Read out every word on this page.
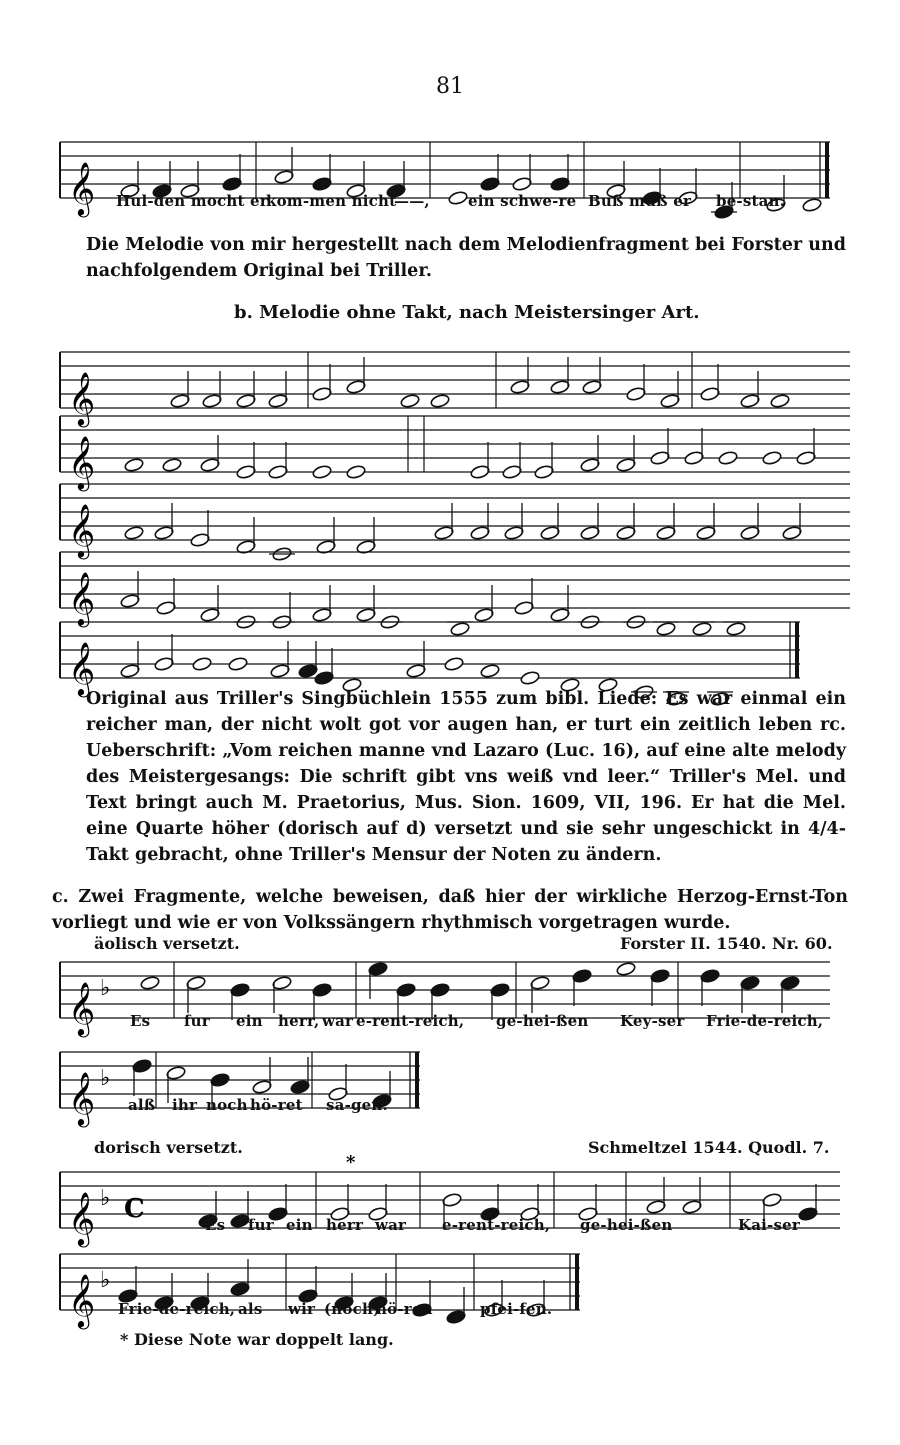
81
𝄞 Hul-den mocht er
kom-men nicht
——,	ein schwe-re Buß muß er be-stan.
Die Melodie von mir hergestellt nach dem Melodienfragment bei Forster und nachfolgendem Original bei Triller.
b. Melodie ohne Takt, nach Meistersinger Art.
𝄞
𝄞
𝄞
𝄞
𝄞
Original aus Triller's Singbüchlein 1555 zum bibl. Liede: Es war einmal ein reicher man, der nicht wolt got vor augen han, er turt ein zeitlich leben rc. Ueberschrift: „Vom reichen manne vnd Lazaro (Luc. 16), auf eine alte melody des Meistergesangs: Die schrift gibt vns weiß vnd leer.“ Triller's Mel. und Text bringt auch M. Praetorius, Mus. Sion. 1609, VII, 196. Er hat die Mel. eine Quarte höher (dorisch auf d) versetzt und sie sehr ungeschickt in 4/4-Takt gebracht, ohne Triller's Mensur der Noten zu ändern.
c. Zwei Fragmente, welche beweisen, daß hier der wirkliche Herzog-Ernst-Ton vorliegt und wie er von Volkssängern rhythmisch vorgetragen wurde.
äolisch versetzt.	Forster II. 1540. Nr. 60.
𝄞 ♭
Es fur ein herr, war e-rent-reich, ge-hei-ßen Key-ser Frie-de-reich,
𝄞 ♭
alß ihr noch hö-ret sa-gen.
dorisch versetzt.	Schmeltzel 1544. Quodl. 7.
𝄞 ♭ C
*
Es fur ein herr war e-rent-reich, ge-hei-ßen	Kai-ser
𝄞 ♭
Frie-de-reich, als wir (noch)
hö-ren	pfei-fen.
* Diese Note war doppelt lang.
